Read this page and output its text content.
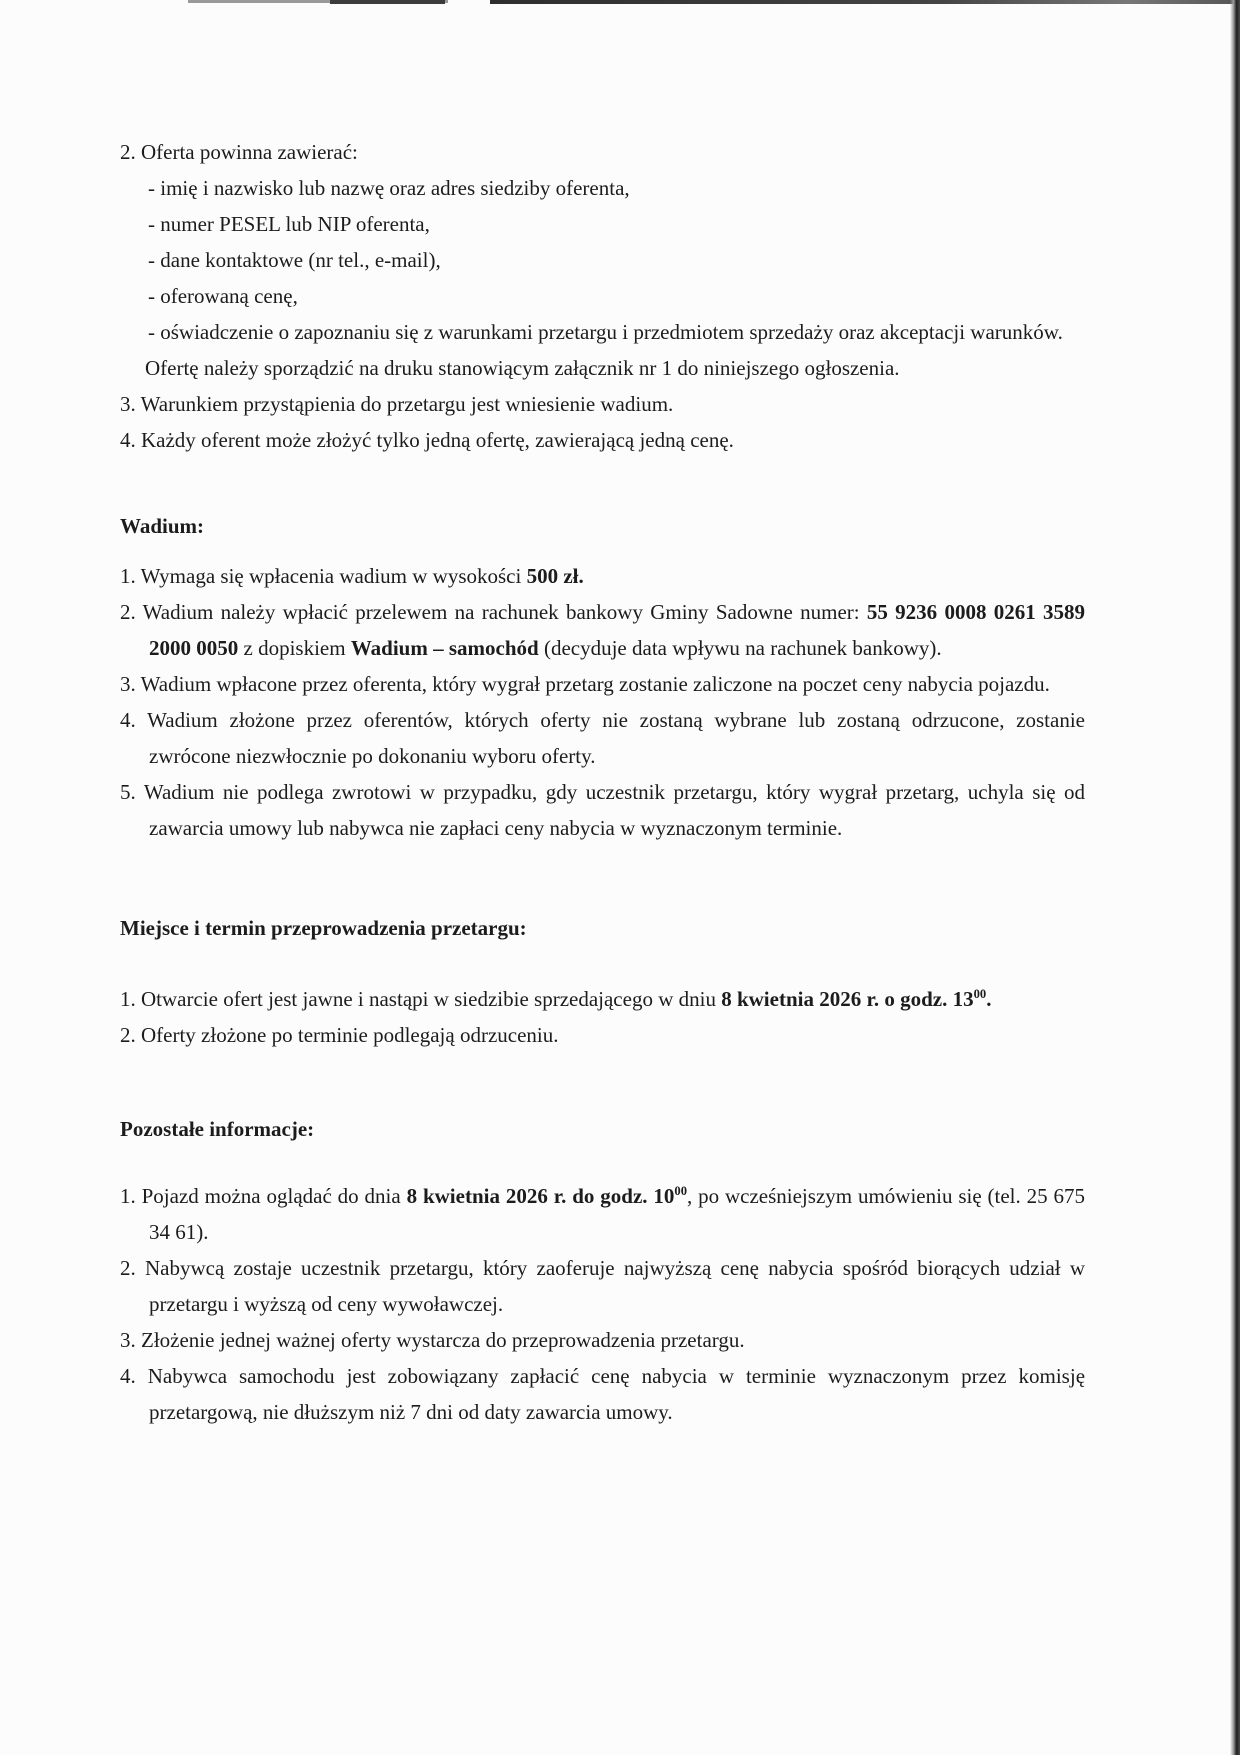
2. Oferta powinna zawierać:

- imię i nazwisko lub nazwę oraz adres siedziby oferenta,

- numer PESEL lub NIP oferenta,

- dane kontaktowe (nr tel., e-mail),

- oferowaną cenę,

- oświadczenie o zapoznaniu się z warunkami przetargu i przedmiotem sprzedaży oraz akceptacji warunków.

Ofertę należy sporządzić na druku stanowiącym załącznik nr 1 do niniejszego ogłoszenia.

3. Warunkiem przystąpienia do przetargu jest wniesienie wadium.

4. Każdy oferent może złożyć tylko jedną ofertę, zawierającą jedną cenę.

Wadium:

1. Wymaga się wpłacenia wadium w wysokości 500 zł.

2. Wadium należy wpłacić przelewem na rachunek bankowy Gminy Sadowne numer: 55 9236 0008 0261 3589 2000 0050 z dopiskiem Wadium – samochód (decyduje data wpływu na rachunek bankowy).

3. Wadium wpłacone przez oferenta, który wygrał przetarg zostanie zaliczone na poczet ceny nabycia pojazdu.

4. Wadium złożone przez oferentów, których oferty nie zostaną wybrane lub zostaną odrzucone, zostanie zwrócone niezwłocznie po dokonaniu wyboru oferty.

5. Wadium nie podlega zwrotowi w przypadku, gdy uczestnik przetargu, który wygrał przetarg, uchyla się od zawarcia umowy lub nabywca nie zapłaci ceny nabycia w wyznaczonym terminie.

Miejsce i termin przeprowadzenia przetargu:

1. Otwarcie ofert jest jawne i nastąpi w siedzibie sprzedającego w dniu 8 kwietnia 2026 r. o godz. $13^{00}$.

2. Oferty złożone po terminie podlegają odrzuceniu.

Pozostałe informacje:

1. Pojazd można oglądać do dnia 8 kwietnia 2026 r. do godz. $10^{00}$, po wcześniejszym umówieniu się (tel. 25 675 34 61).

2. Nabywcą zostaje uczestnik przetargu, który zaoferuje najwyższą cenę nabycia spośród biorących udział w przetargu i wyższą od ceny wywoławczej.

3. Złożenie jednej ważnej oferty wystarcza do przeprowadzenia przetargu.

4. Nabywca samochodu jest zobowiązany zapłacić cenę nabycia w terminie wyznaczonym przez komisję przetargową, nie dłuższym niż 7 dni od daty zawarcia umowy.
